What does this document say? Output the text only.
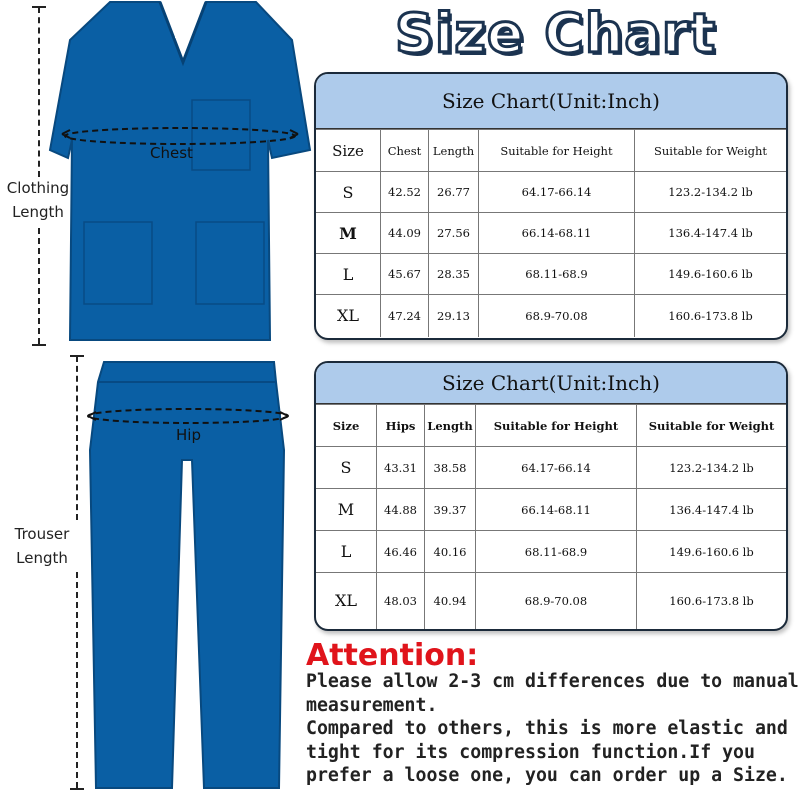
Size Chart
Clothing
Length
Trouser
Length
Chest
Hip
Size Chart(Unit:Inch)
Size	Chest	Length	Suitable for Height	Suitable for Weight
S	42.52	26.77	64.17-66.14	123.2-134.2 lb
M	44.09	27.56	66.14-68.11	136.4-147.4 lb
L	45.67	28.35	68.11-68.9	149.6-160.6 lb
XL	47.24	29.13	68.9-70.08	160.6-173.8 lb
Size Chart(Unit:Inch)
Size	Hips	Length	Suitable for Height	Suitable for Weight
S	43.31	38.58	64.17-66.14	123.2-134.2 lb
M	44.88	39.37	66.14-68.11	136.4-147.4 lb
L	46.46	40.16	68.11-68.9	149.6-160.6 lb
XL	48.03	40.94	68.9-70.08	160.6-173.8 lb
Attention:

Please allow 2-3 cm differences due to manual measurement.

Compared to others, this is more elastic and tight for its compression function.If you prefer a loose one, you can order up a Size.
